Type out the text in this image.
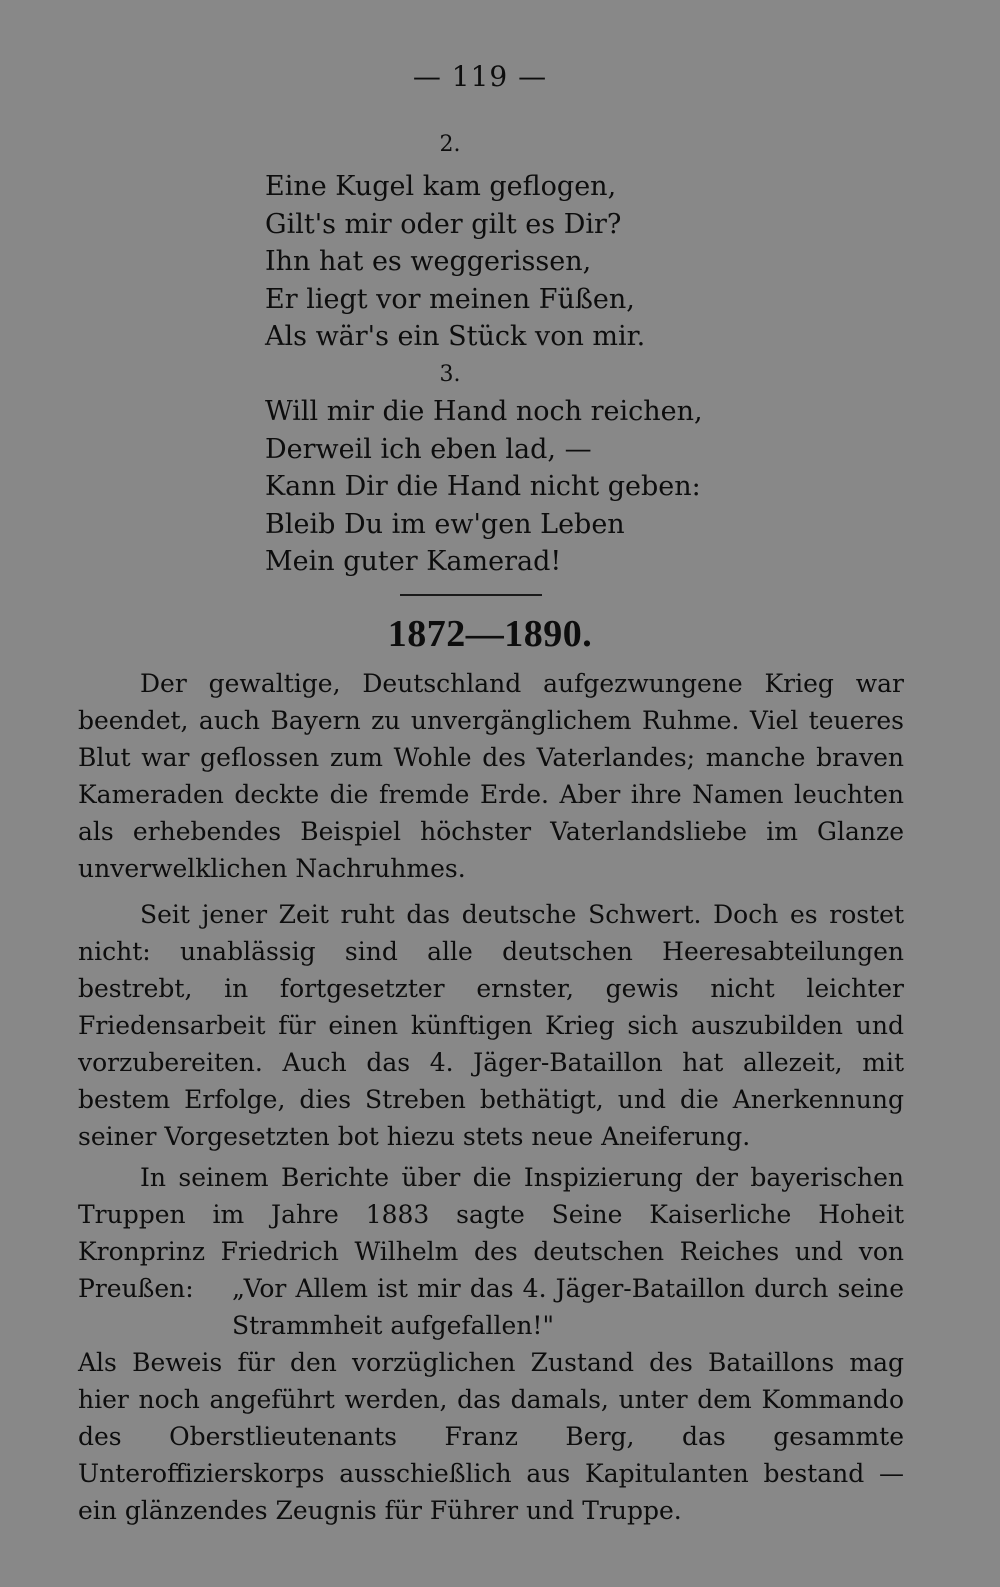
— 119 —
2.
Eine Kugel kam geflogen,
Gilt's mir oder gilt es Dir?
Ihn hat es weggerissen,
Er liegt vor meinen Füßen,
Als wär's ein Stück von mir.
3.
Will mir die Hand noch reichen,
Derweil ich eben lad, —
Kann Dir die Hand nicht geben:
Bleib Du im ew'gen Leben
Mein guter Kamerad!
1872—1890.

Der gewaltige, Deutschland aufgezwungene Krieg war beendet, auch Bayern zu unvergänglichem Ruhme. Viel teueres Blut war geflossen zum Wohle des Vaterlandes; manche braven Kameraden deckte die fremde Erde. Aber ihre Namen leuchten als erhebendes Beispiel höchster Vaterlandsliebe im Glanze unverwelklichen Nachruhmes.

Seit jener Zeit ruht das deutsche Schwert. Doch es rostet nicht: unablässig sind alle deutschen Heeresabteilungen bestrebt, in fortgesetzter ernster, gewis nicht leichter Friedensarbeit für einen künftigen Krieg sich auszubilden und vorzubereiten. Auch das 4. Jäger-Bataillon hat allezeit, mit bestem Erfolge, dies Streben bethätigt, und die Anerkennung seiner Vorgesetzten bot hiezu stets neue Aneiferung.

In seinem Berichte über die Inspizierung der bayerischen Truppen im Jahre 1883 sagte Seine Kaiserliche Hoheit Kronprinz Friedrich Wilhelm des deutschen Reiches und von Preußen:	„Vor Allem ist mir das 4. Jäger-Bataillon durch seine Strammheit aufgefallen!"

Als Beweis für den vorzüglichen Zustand des Bataillons mag hier noch angeführt werden, das damals, unter dem Kommando des Oberstlieutenants Franz Berg, das gesammte Unteroffizierskorps ausschießlich aus Kapitulanten bestand — ein glänzendes Zeugnis für Führer und Truppe.
